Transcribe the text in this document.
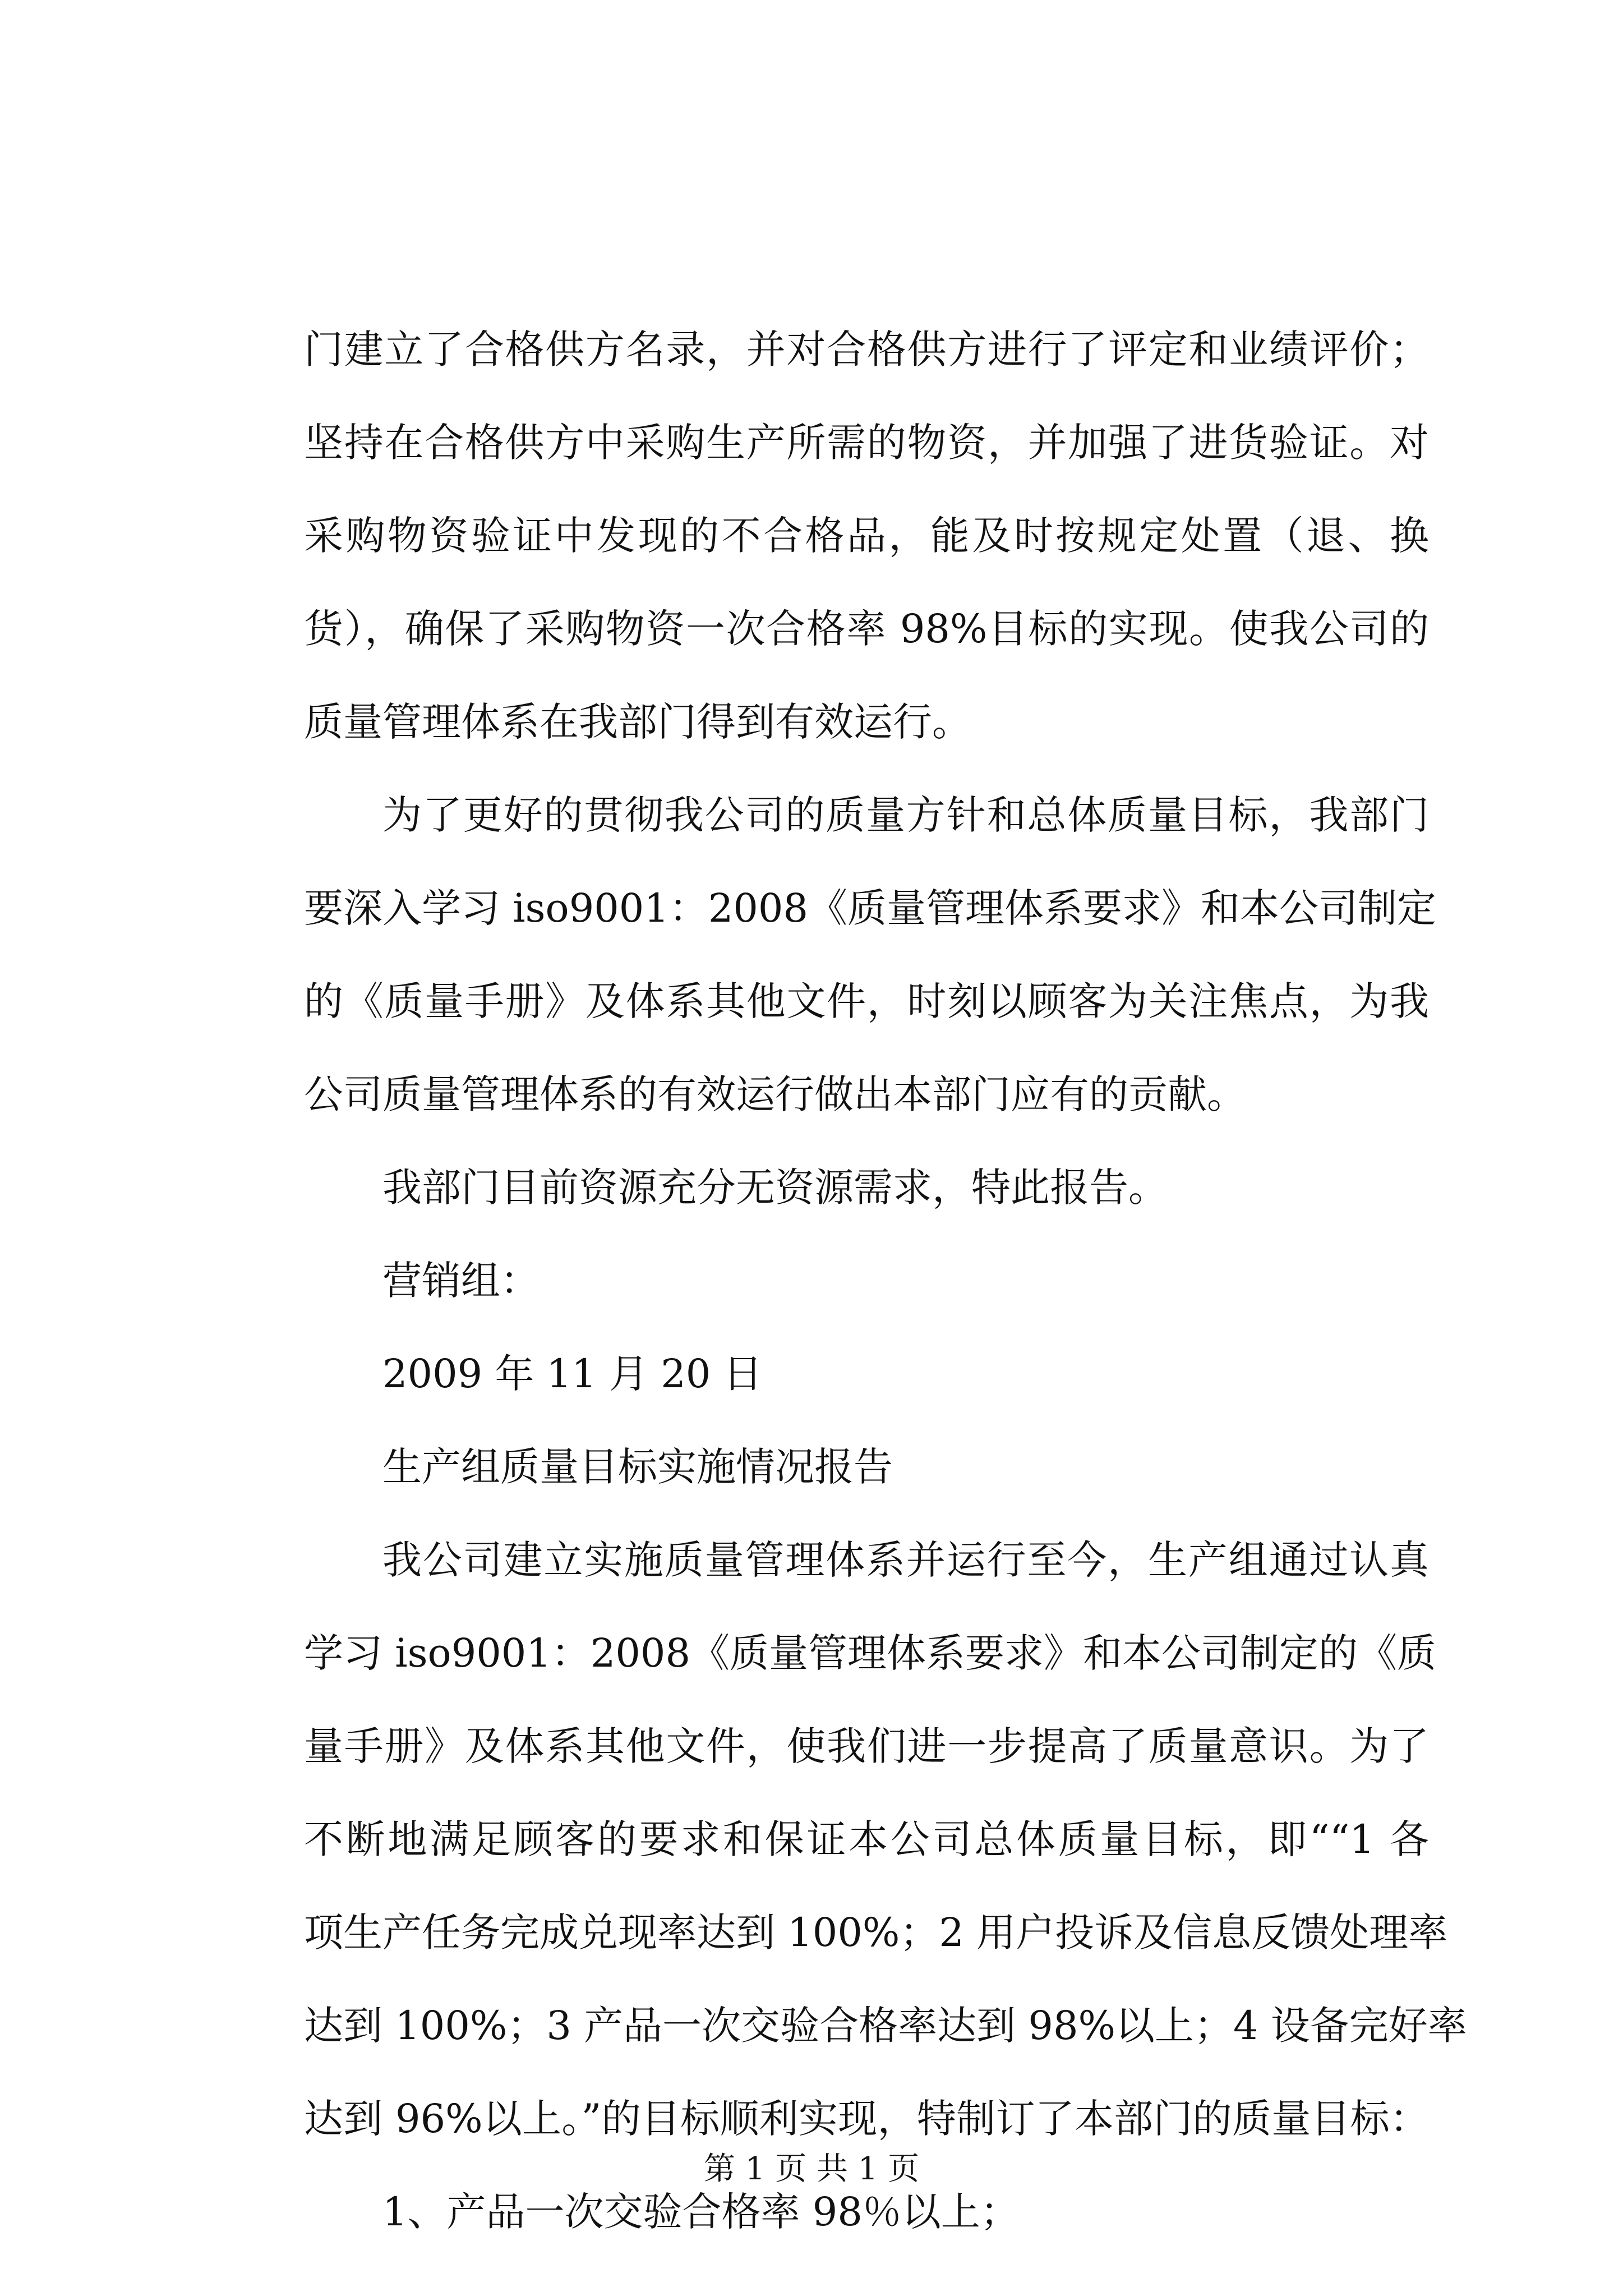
门建立了合格供方名录，并对合格供方进行了评定和业绩评价；
坚持在合格供方中采购生产所需的物资，并加强了进货验证。对
采购物资验证中发现的不合格品，能及时按规定处置（退、换
货），确保了采购物资一次合格率 98%目标的实现。使我公司的
质量管理体系在我部门得到有效运行。
为了更好的贯彻我公司的质量方针和总体质量目标，我部门
要深入学习 iso9001：2008《质量管理体系要求》和本公司制定
的《质量手册》及体系其他文件，时刻以顾客为关注焦点，为我
公司质量管理体系的有效运行做出本部门应有的贡献。
我部门目前资源充分无资源需求，特此报告。
营销组：
2009 年 11 月 20 日
生产组质量目标实施情况报告
我公司建立实施质量管理体系并运行至今，生产组通过认真
学习 iso9001：2008《质量管理体系要求》和本公司制定的《质
量手册》及体系其他文件，使我们进一步提高了质量意识。为了
不断地满足顾客的要求和保证本公司总体质量目标，即““1 各
项生产任务完成兑现率达到 100%；2 用户投诉及信息反馈处理率
达到 100%；3 产品一次交验合格率达到 98%以上；4 设备完好率
达到 96%以上。”的目标顺利实现，特制订了本部门的质量目标：
1、产品一次交验合格率 98％以上；
第 1 页 共 1 页
